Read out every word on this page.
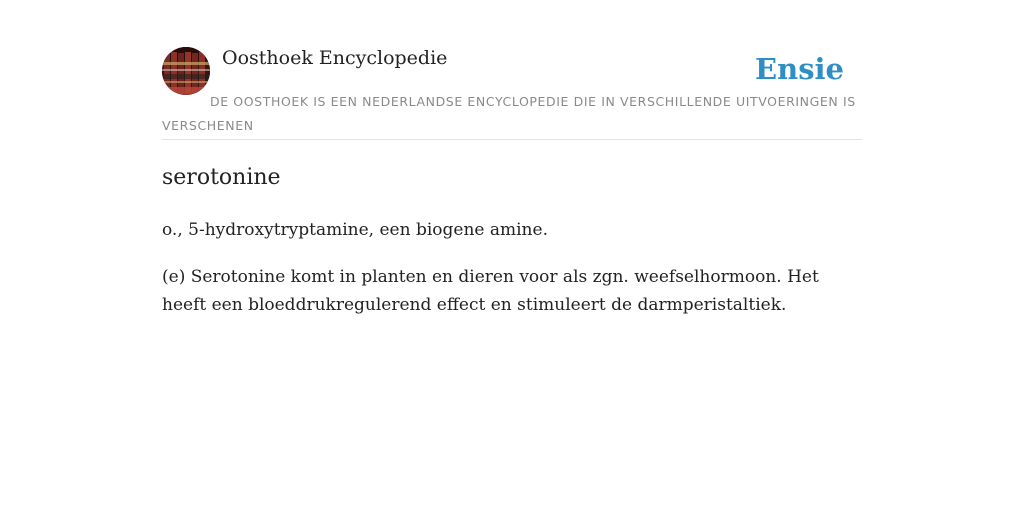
Oosthoek Encyclopedie	Ensie
DE OOSTHOEK IS EEN NEDERLANDSE ENCYCLOPEDIE DIE IN VERSCHILLENDE UITVOERINGEN IS VERSCHENEN
serotonine

o., 5-hydroxytryptamine, een biogene amine.

(e) Serotonine komt in planten en dieren voor als zgn. weefselhormoon. Het heeft een bloeddrukregulerend effect en stimuleert de darmperistaltiek.
